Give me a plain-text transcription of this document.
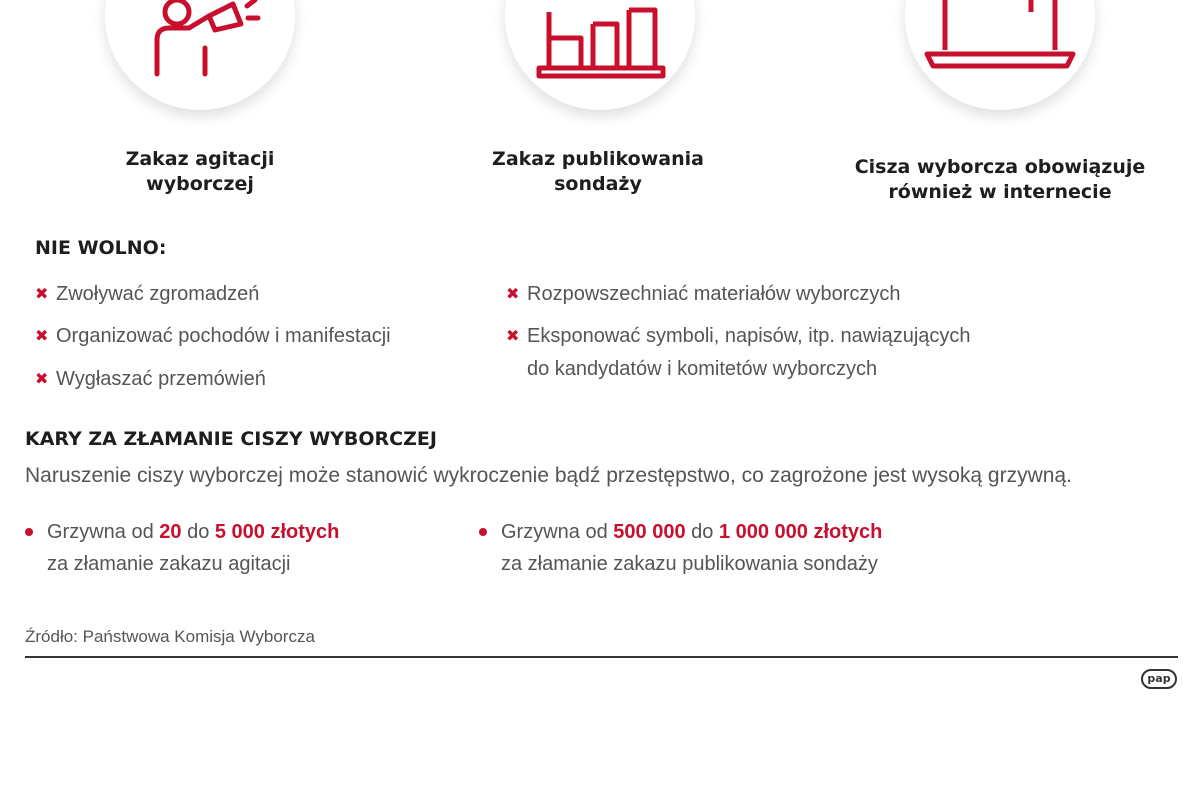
Zakaz agitacji
wyborczej
Zakaz publikowania
sondaży
Cisza wyborcza obowiązuje
również w internecie
NIE WOLNO:
✖ Zwoływać zgromadzeń
✖ Organizować pochodów i manifestacji
✖ Wygłaszać przemówień
✖ Rozpowszechniać materiałów wyborczych
✖ Eksponować symboli, napisów, itp. nawiązujących
do kandydatów i komitetów wyborczych
KARY ZA ZŁAMANIE CISZY WYBORCZEJ
Naruszenie ciszy wyborczej może stanowić wykroczenie bądź przestępstwo, co zagrożone jest wysoką grzywną.
Grzywna od 20 do 5 000 złotych
za złamanie zakazu agitacji
Grzywna od 500 000 do 1 000 000 złotych
za złamanie zakazu publikowania sondaży
Źródło: Państwowa Komisja Wyborcza
pap
